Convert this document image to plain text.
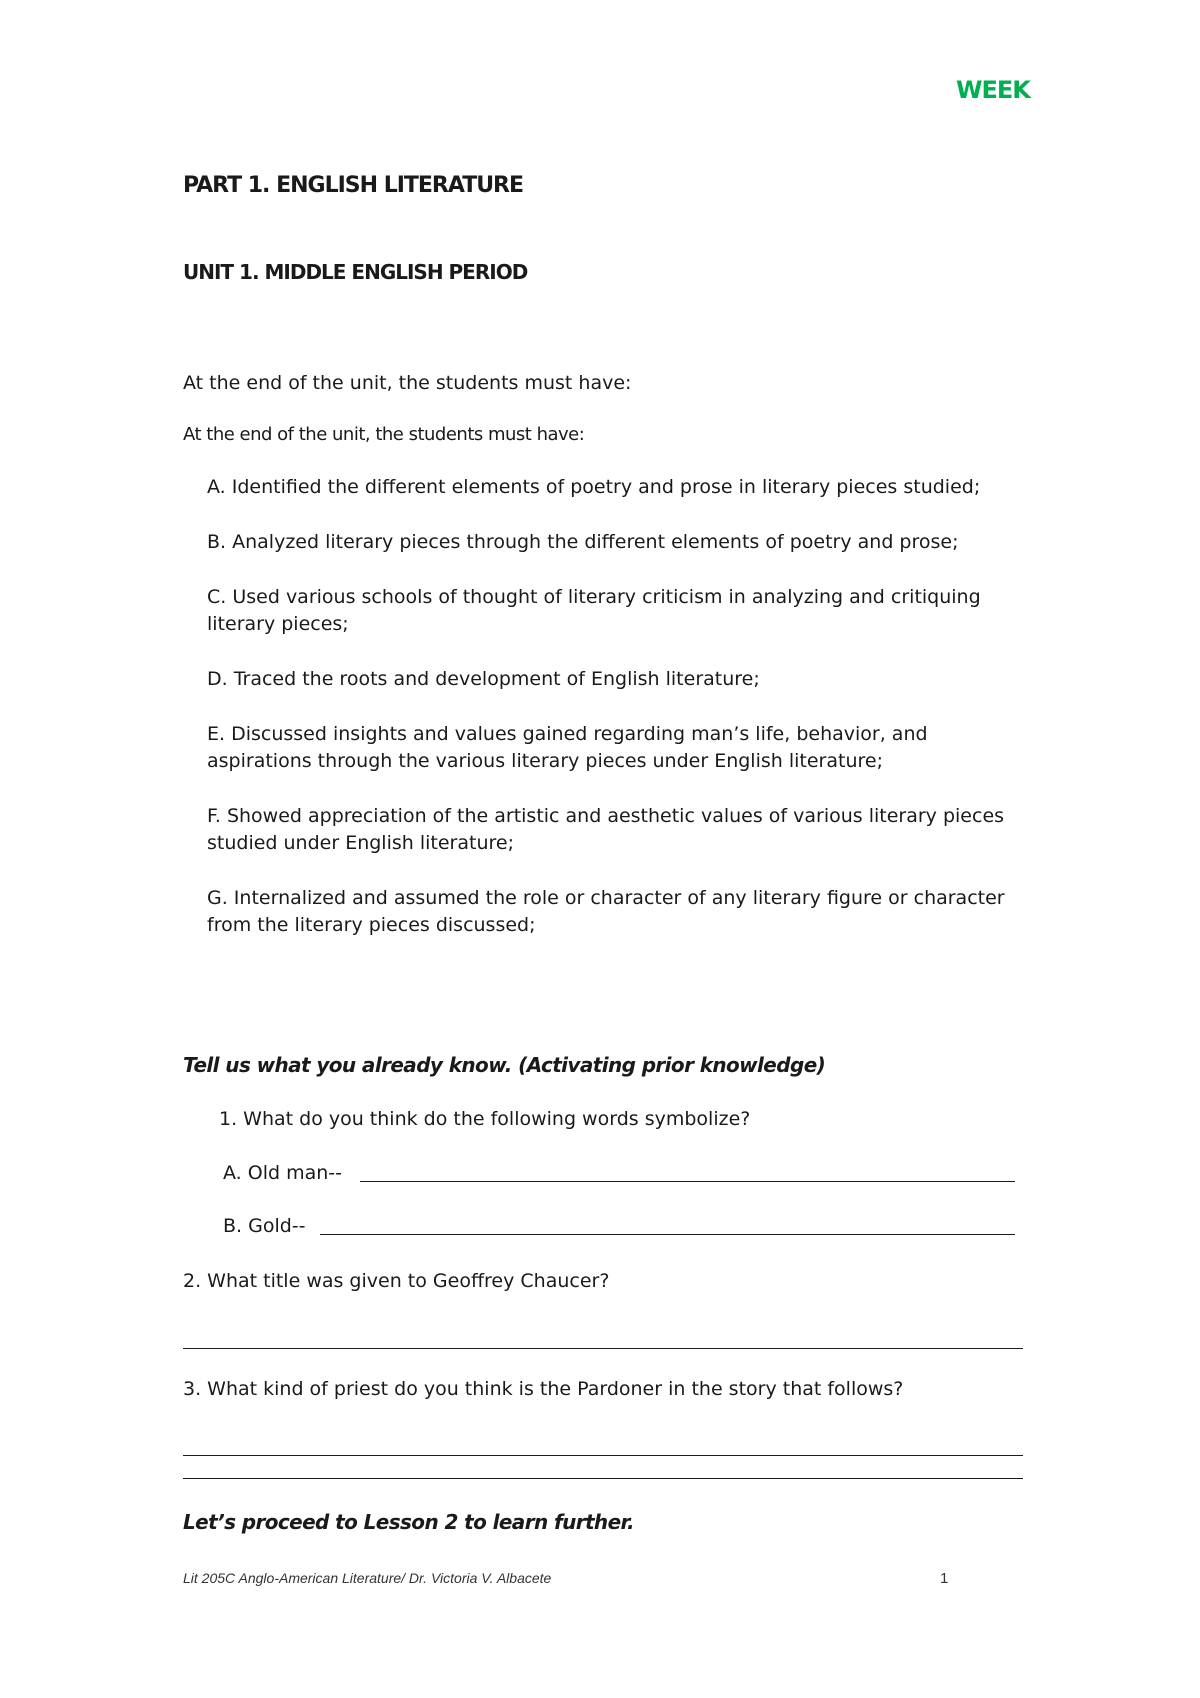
WEEK
PART 1. ENGLISH LITERATURE
UNIT 1. MIDDLE ENGLISH PERIOD
At the end of the unit, the students must have:
At the end of the unit, the students must have:
A. Identified the different elements of poetry and prose in literary pieces studied;
B. Analyzed literary pieces through the different elements of poetry and prose;
C. Used various schools of thought of literary criticism in analyzing and critiquing literary pieces;
D. Traced the roots and development of English literature;
E. Discussed insights and values gained regarding man’s life, behavior, and aspirations through the various literary pieces under English literature;
F. Showed appreciation of the artistic and aesthetic values of various literary pieces studied under English literature;
G. Internalized and assumed the role or character of any literary figure or character from the literary pieces discussed;
Tell us what you already know. (Activating prior knowledge)
1. What do you think do the following words symbolize?
A. Old man--
B. Gold--
2. What title was given to Geoffrey Chaucer?
3. What kind of priest do you think is the Pardoner in the story that follows?
Let’s proceed to Lesson 2 to learn further.
Lit 205C Anglo-American Literature/ Dr. Victoria V. Albacete	1
